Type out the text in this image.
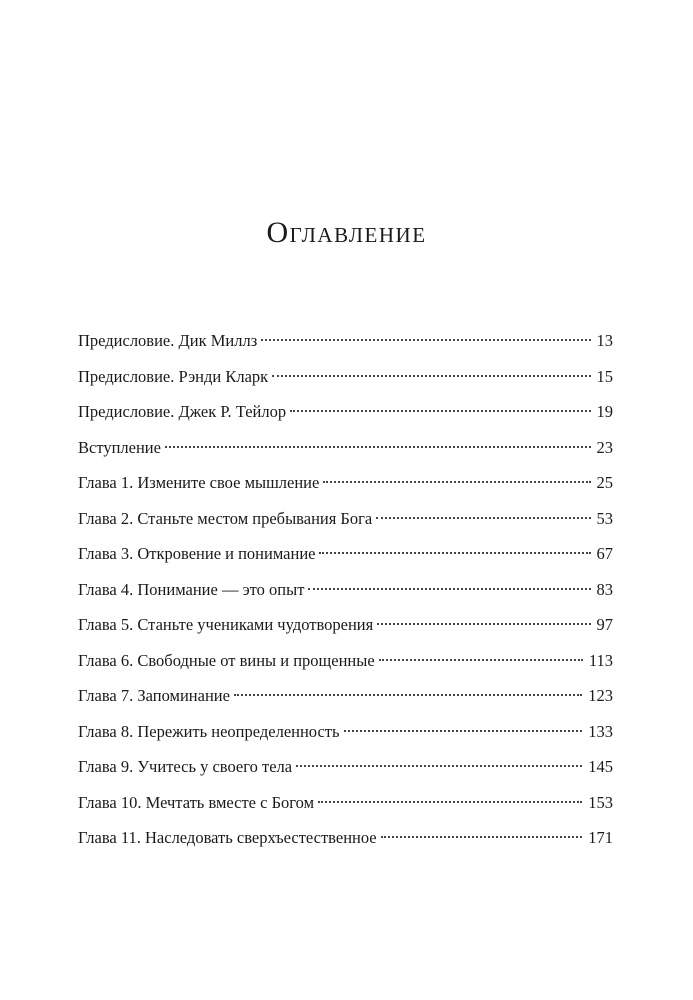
Оглавление
Предисловие. Дик Миллз	13
Предисловие. Рэнди Кларк	15
Предисловие. Джек Р. Тейлор	19
Вступление	23
Глава 1. Измените свое мышление	25
Глава 2. Станьте местом пребывания Бога	53
Глава 3. Откровение и понимание	67
Глава 4. Понимание — это опыт	83
Глава 5. Станьте учениками чудотворения	97
Глава 6. Свободные от вины и прощенные	113
Глава 7. Запоминание	123
Глава 8. Пережить неопределенность	133
Глава 9. Учитесь у своего тела	145
Глава 10. Мечтать вместе с Богом	153
Глава 11. Наследовать сверхъестественное	171
